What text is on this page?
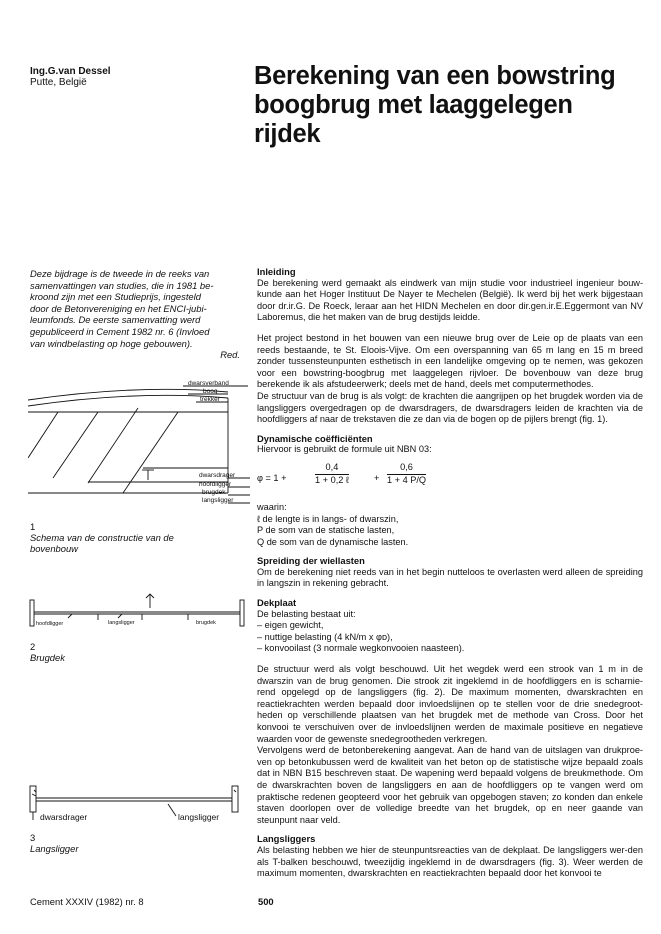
Ing.G.van Dessel
Putte, België	Berekening van een bowstring
boogbrug met laaggelegen
rijdek
Deze bijdrage is de tweede in de reeks van
samenvattingen van studies, die in 1981 be-
kroond zijn met een Studieprijs, ingesteld
door de Betonvereniging en het ENCI-jubi-
leumfonds. De eerste samenvatting werd
gepubliceerd in Cement 1982 nr. 6 (Invloed
van windbelasting op hoge gebouwen).
Red.
dwarsverband
boog
trekker
dwarsdrager
hoofdligger
brugdek
langsligger
1
Schema van de constructie van de
bovenbouw
hoofdligger	langsligger	brugdek
2
Brugdek
dwarsdrager	langsligger
3
Langsligger
Inleiding

De berekening werd gemaakt als eindwerk van mijn studie voor industrieel ingenieur bouw-kunde aan het Hoger Instituut De Nayer te Mechelen (België). Ik werd bij het werk bijgestaan door dr.ir.G. De Roeck, leraar aan het HIDN Mechelen en door dir.gen.ir.E.Eggermont van NV Laboremus, die het maken van de brug destijds leidde.

Het project bestond in het bouwen van een nieuwe brug over de Leie op de plaats van een reeds bestaande, te St. Eloois-Vijve. Om een overspanning van 65 m lang en 15 m breed zonder tussensteunpunten esthetisch in een landelijke omgeving op te nemen, was gekozen voor een bowstring-boogbrug met laaggelegen rijvloer. De bovenbouw van deze brug berekende ik als afstudeerwerk; deels met de hand, deels met computermethodes.

De structuur van de brug is als volgt: de krachten die aangrijpen op het brugdek worden via de langsliggers overgedragen op de dwarsdragers, de dwarsdragers leiden de krachten via de hoofdliggers af naar de trekstaven die ze dan via de bogen op de pijlers brengt (fig. 1).

Dynamische coëfficiënten

Hiervoor is gebruikt de formule uit NBN 03:

φ = 1 +
0,4
1 + 0,2 ℓ	+ $\frac{0,6}{1 + 4 P/Q}$

waarin:

ℓ de lengte is in langs- of dwarszin,
P de som van de statische lasten,
Q de som van de dynamische lasten.
Spreiding der wiellasten

Om de berekening niet reeds van in het begin nutteloos te overlasten werd alleen de spreiding in langszin in rekening gebracht.

Dekplaat

De belasting bestaat uit:

– eigen gewicht,
– nuttige belasting (4 kN/m x φᴅ),
– konvooilast (3 normale wegkonvooien naasteen).

De structuur werd als volgt beschouwd. Uit het wegdek werd een strook van 1 m in de dwarszin van de brug genomen. Die strook zit ingeklemd in de hoofdliggers en is scharnie-rend opgelegd op de langsliggers (fig. 2). De maximum momenten, dwarskrachten en reactiekrachten werden bepaald door invloedslijnen op te stellen voor de drie snedegroot-heden op verschillende plaatsen van het brugdek met de methode van Cross. Door het konvooi te verschuiven over de invloedslijnen werden de maximale positieve en negatieve waarden voor de gewenste snedegrootheden verkregen.

Vervolgens werd de betonberekening aangevat. Aan de hand van de uitslagen van drukproe-ven op betonkubussen werd de kwaliteit van het beton op de statistische wijze bepaald zoals dat in NBN B15 beschreven staat. De wapening werd bepaald volgens de breukmethode. Om de dwarskrachten boven de langsliggers en aan de hoofdliggers op te vangen werd om praktische redenen geopteerd voor het gebruik van opgebogen staven; zo konden dan enkele staven doorlopen over de volledige breedte van het brugdek, op en neer gaande van steunpunt naar veld.

Langsliggers

Als belasting hebben we hier de steunpuntsreacties van de dekplaat. De langsliggers wer-den als T-balken beschouwd, tweezijdig ingeklemd in de dwarsdragers (fig. 3). Weer werden de maximum momenten, dwarskrachten en reactiekrachten bepaald door het konvooi te

Cement XXXIV (1982) nr. 8	500
